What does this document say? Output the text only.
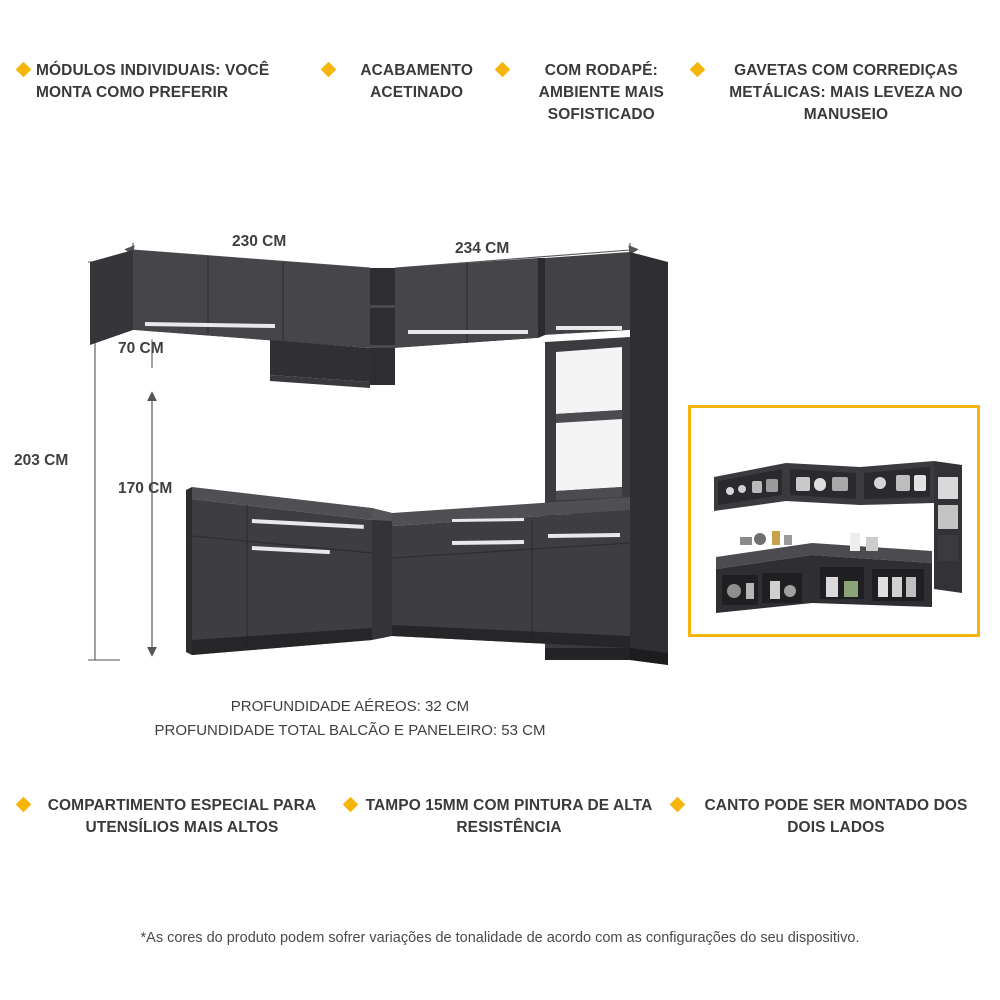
MÓDULOS INDIVIDUAIS: VOCÊ MONTA COMO PREFERIR
ACABAMENTO ACETINADO
COM RODAPÉ: AMBIENTE MAIS SOFISTICADO
GAVETAS COM CORREDIÇAS METÁLICAS: MAIS LEVEZA NO MANUSEIO
230 CM	234 CM
70 CM
170 CM
203 CM
PROFUNDIDADE AÉREOS: 32 CM
PROFUNDIDADE TOTAL BALCÃO E PANELEIRO: 53 CM
COMPARTIMENTO ESPECIAL PARA UTENSÍLIOS MAIS ALTOS
TAMPO 15MM COM PINTURA DE ALTA RESISTÊNCIA
CANTO PODE SER MONTADO DOS DOIS LADOS
*As cores do produto podem sofrer variações de tonalidade de acordo com as configurações do seu dispositivo.
